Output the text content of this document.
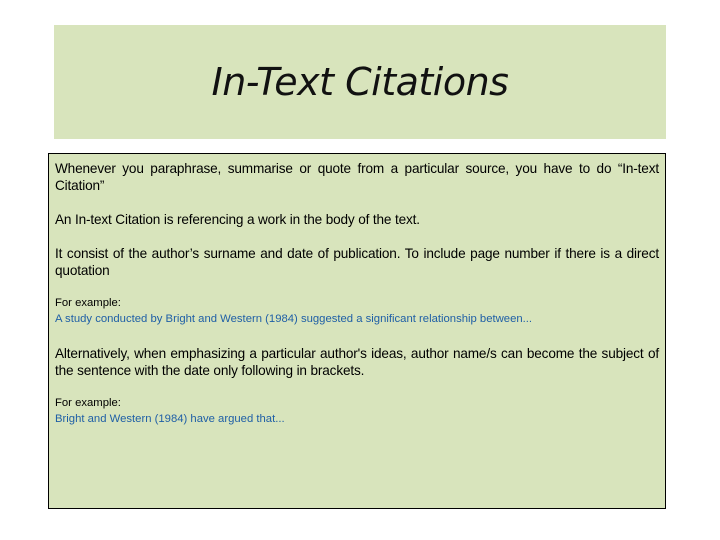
In-Text Citations

Whenever you paraphrase, summarise or quote from a particular source, you have to do “In-text Citation”

An In-text Citation is referencing a work in the body of the text.

It consist of the author’s surname and date of publication. To include page number if there is a direct quotation

For example:
A study conducted by Bright and Western (1984) suggested a significant relationship between...

Alternatively, when emphasizing a particular author's ideas, author name/s can become the subject of the sentence with the date only following in brackets.

For example:
Bright and Western (1984) have argued that...
